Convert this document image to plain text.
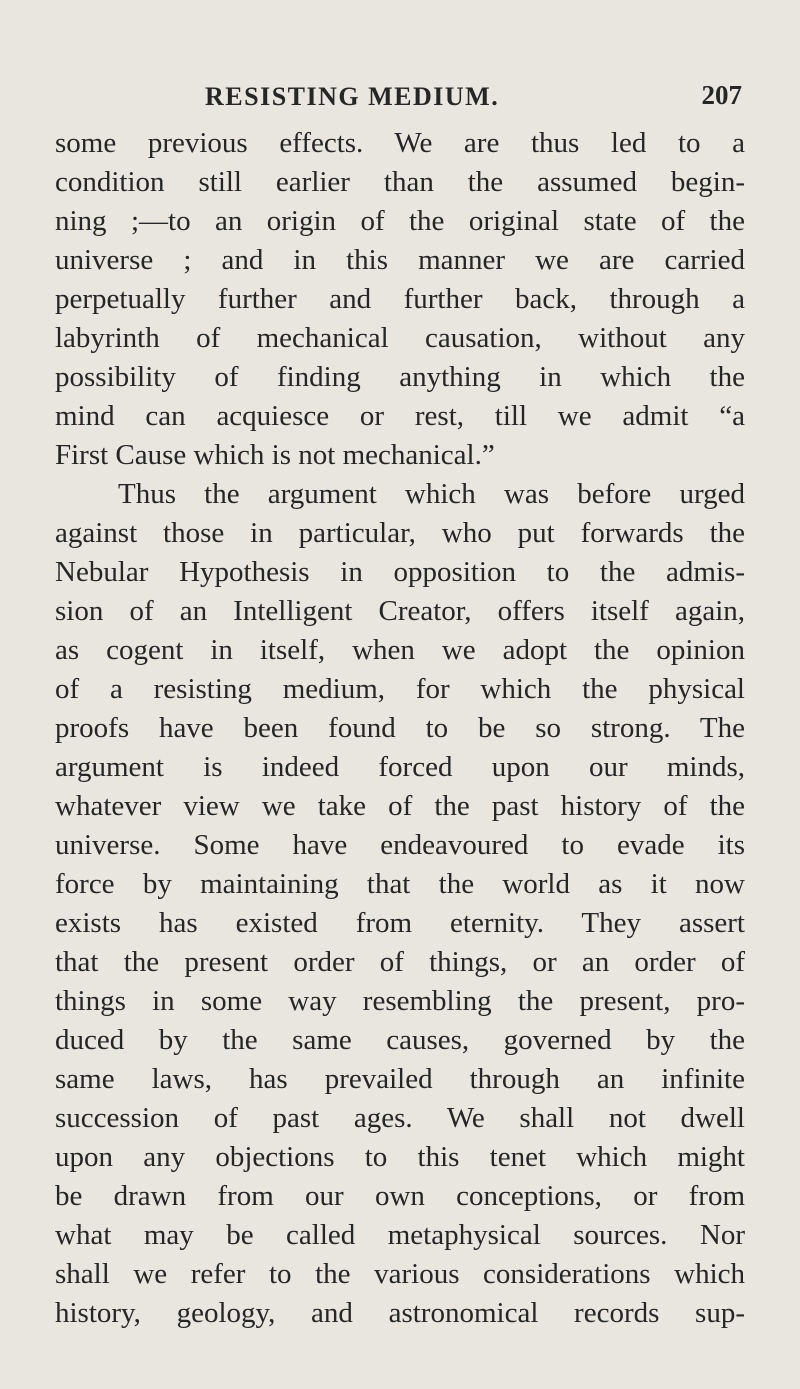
RESISTING MEDIUM.	207
some previous effects. We are thus led to a
condition still earlier than the assumed begin-
ning ;—to an origin of the original state of the
universe ; and in this manner we are carried
perpetually further and further back, through a
labyrinth of mechanical causation, without any
possibility of finding anything in which the
mind can acquiesce or rest, till we admit “a
First Cause which is not mechanical.”
Thus the argument which was before urged
against those in particular, who put forwards the
Nebular Hypothesis in opposition to the admis-
sion of an Intelligent Creator, offers itself again,
as cogent in itself, when we adopt the opinion
of a resisting medium, for which the physical
proofs have been found to be so strong. The
argument is indeed forced upon our minds,
whatever view we take of the past history of the
universe. Some have endeavoured to evade its
force by maintaining that the world as it now
exists has existed from eternity. They assert
that the present order of things, or an order of
things in some way resembling the present, pro-
duced by the same causes, governed by the
same laws, has prevailed through an infinite
succession of past ages. We shall not dwell
upon any objections to this tenet which might
be drawn from our own conceptions, or from
what may be called metaphysical sources. Nor
shall we refer to the various considerations which
history, geology, and astronomical records sup-
